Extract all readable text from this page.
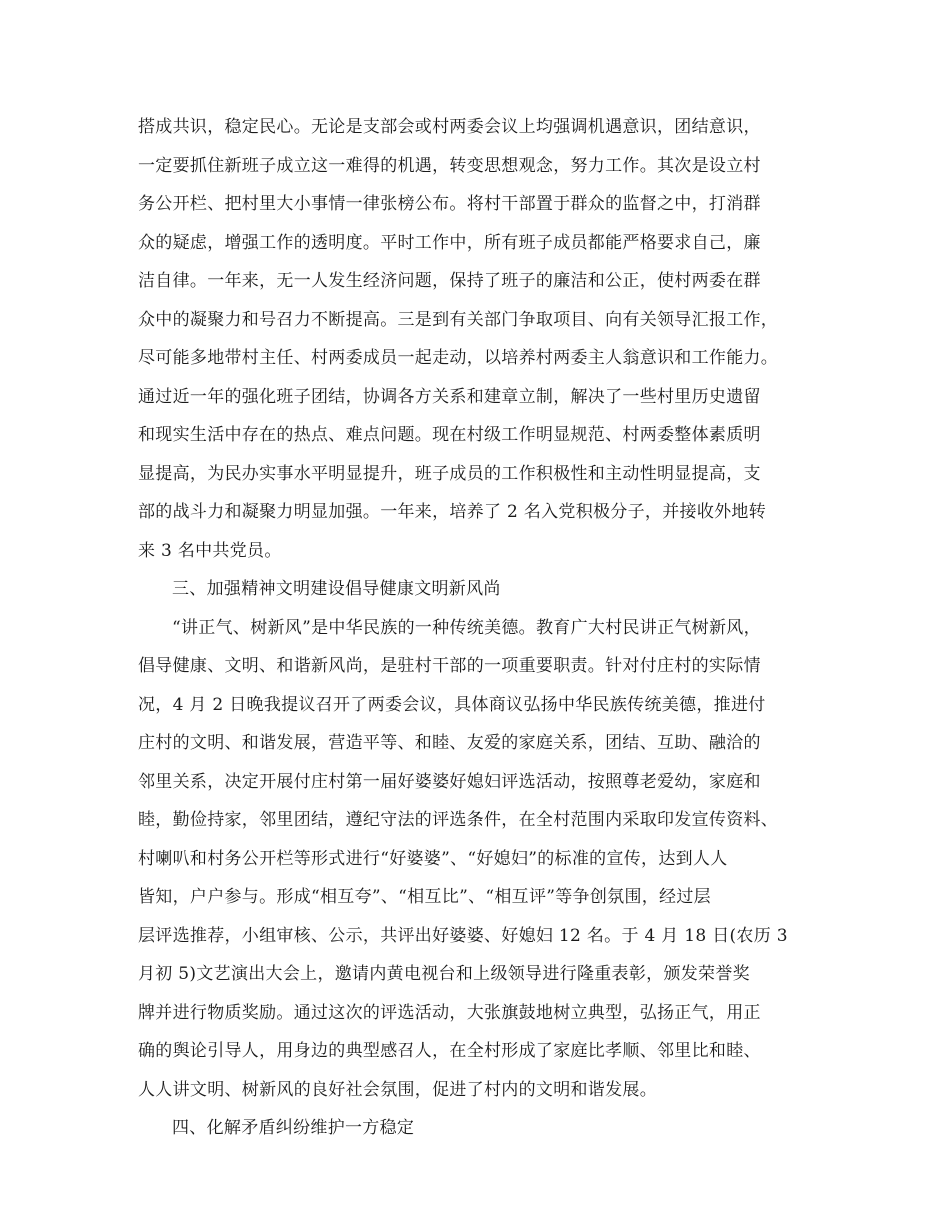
搭成共识，稳定民心。无论是支部会或村两委会议上均强调机遇意识，团结意识，
一定要抓住新班子成立这一难得的机遇，转变思想观念，努力工作。其次是设立村
务公开栏、把村里大小事情一律张榜公布。将村干部置于群众的监督之中，打消群
众的疑虑，增强工作的透明度。平时工作中，所有班子成员都能严格要求自己，廉
洁自律。一年来，无一人发生经济问题，保持了班子的廉洁和公正，使村两委在群
众中的凝聚力和号召力不断提高。三是到有关部门争取项目、向有关领导汇报工作，
尽可能多地带村主任、村两委成员一起走动，以培养村两委主人翁意识和工作能力。
通过近一年的强化班子团结，协调各方关系和建章立制，解决了一些村里历史遗留
和现实生活中存在的热点、难点问题。现在村级工作明显规范、村两委整体素质明
显提高，为民办实事水平明显提升，班子成员的工作积极性和主动性明显提高，支
部的战斗力和凝聚力明显加强。一年来，培养了 2 名入党积极分子，并接收外地转
来 3 名中共党员。
三、加强精神文明建设倡导健康文明新风尚
“讲正气、树新风”是中华民族的一种传统美德。教育广大村民讲正气树新风，
倡导健康、文明、和谐新风尚，是驻村干部的一项重要职责。针对付庄村的实际情
况，4 月 2 日晚我提议召开了两委会议，具体商议弘扬中华民族传统美德，推进付
庄村的文明、和谐发展，营造平等、和睦、友爱的家庭关系，团结、互助、融洽的
邻里关系，决定开展付庄村第一届好婆婆好媳妇评选活动，按照尊老爱幼，家庭和
睦，勤俭持家，邻里团结，遵纪守法的评选条件，在全村范围内采取印发宣传资料、
村喇叭和村务公开栏等形式进行“好婆婆”、“好媳妇”的标准的宣传，达到人人
皆知，户户参与。形成“相互夸”、“相互比”、“相互评”等争创氛围，经过层
层评选推荐，小组审核、公示，共评出好婆婆、好媳妇 12 名。于 4 月 18 日(农历 3
月初 5)文艺演出大会上，邀请内黄电视台和上级领导进行隆重表彰，颁发荣誉奖
牌并进行物质奖励。通过这次的评选活动，大张旗鼓地树立典型，弘扬正气，用正
确的舆论引导人，用身边的典型感召人，在全村形成了家庭比孝顺、邻里比和睦、
人人讲文明、树新风的良好社会氛围，促进了村内的文明和谐发展。
四、化解矛盾纠纷维护一方稳定
